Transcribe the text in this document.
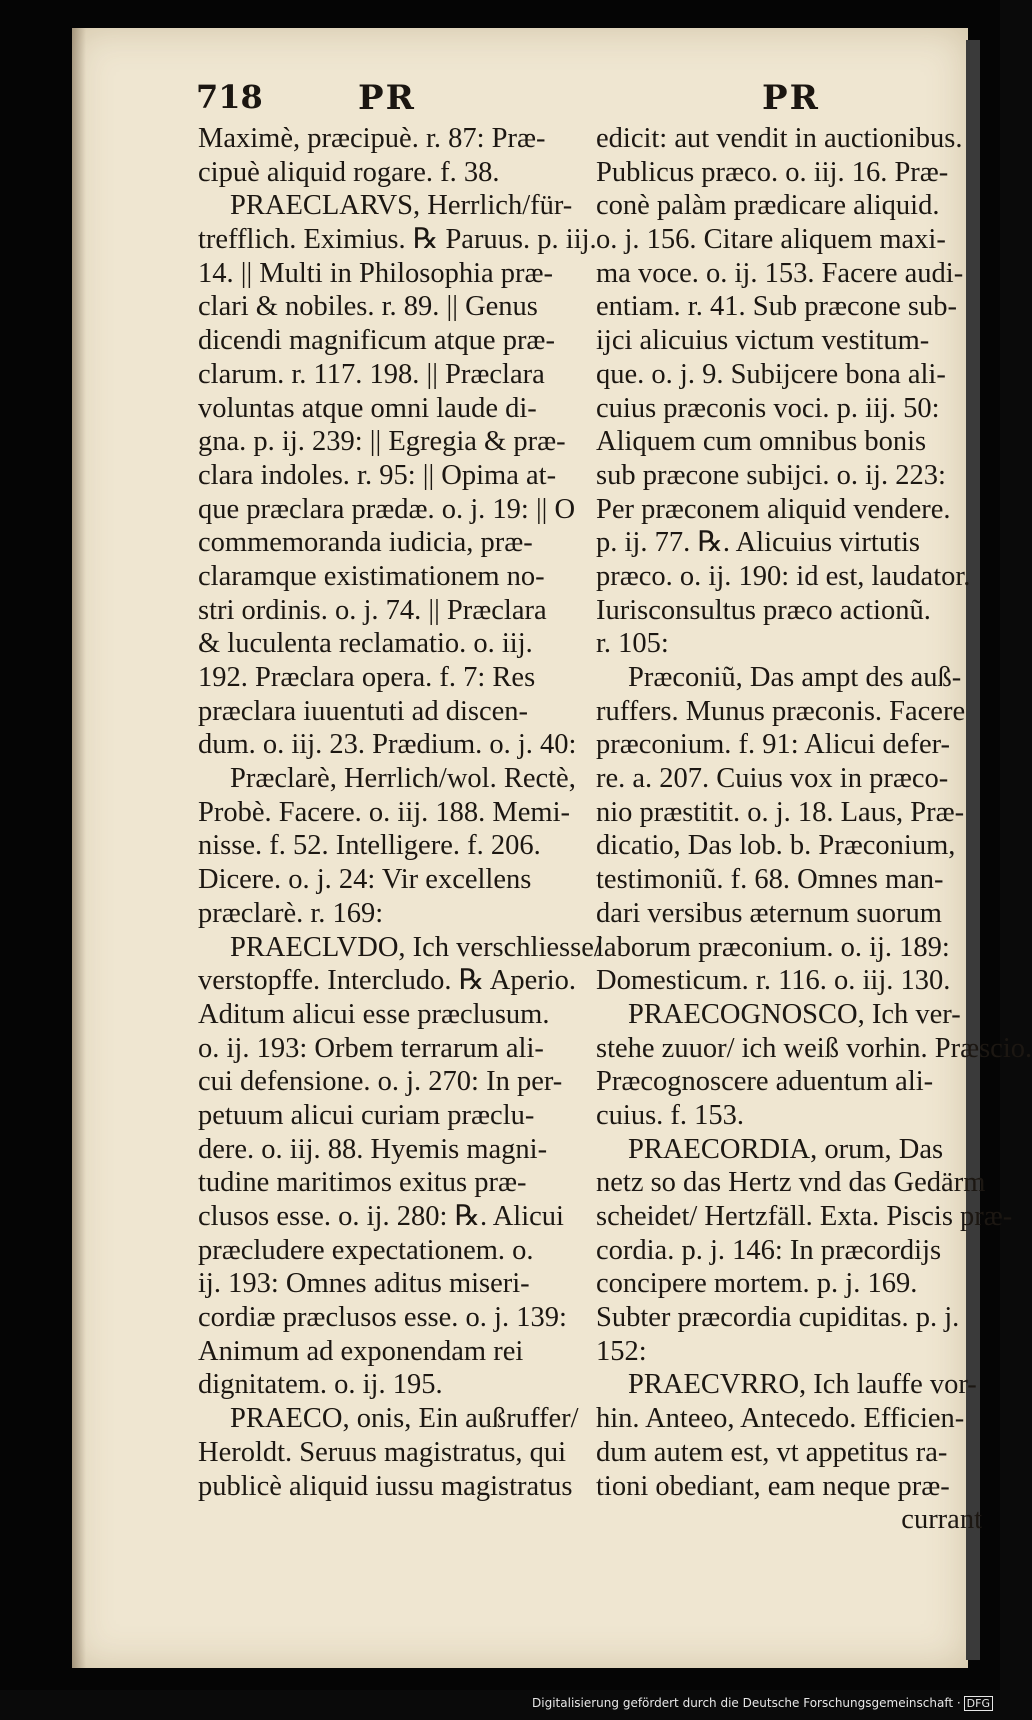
718	PR	PR
Maximè, præcipuè. r. 87: Præ-
cipuè aliquid rogare. f. 38.
PRAECLARVS, Herrlich/für-
trefflich. Eximius. ℞ Paruus. p. iij.
14. || Multi in Philosophia præ-
clari & nobiles. r. 89. || Genus
dicendi magnificum atque præ-
clarum. r. 117. 198. || Præclara
voluntas atque omni laude di-
gna. p. ij. 239: || Egregia & præ-
clara indoles. r. 95: || Opima at-
que præclara prædæ. o. j. 19: || O
commemoranda iudicia, præ-
claramque existimationem no-
stri ordinis. o. j. 74. || Præclara
& luculenta reclamatio. o. iij.
192. Præclara opera. f. 7: Res
præclara iuuentuti ad discen-
dum. o. iij. 23. Prædium. o. j. 40:
Præclarè, Herrlich/wol. Rectè,
Probè. Facere. o. iij. 188. Memi-
nisse. f. 52. Intelligere. f. 206.
Dicere. o. j. 24: Vir excellens
præclarè. r. 169:
PRAECLVDO, Ich verschliesse/
verstopffe. Intercludo. ℞ Aperio.
Aditum alicui esse præclusum.
o. ij. 193: Orbem terrarum ali-
cui defensione. o. j. 270: In per-
petuum alicui curiam præclu-
dere. o. iij. 88. Hyemis magni-
tudine maritimos exitus præ-
clusos esse. o. ij. 280: ℞. Alicui
præcludere expectationem. o.
ij. 193: Omnes aditus miseri-
cordiæ præclusos esse. o. j. 139:
Animum ad exponendam rei
dignitatem. o. ij. 195.
PRAECO, onis, Ein außruffer/
Heroldt. Seruus magistratus, qui
publicè aliquid iussu magistratus
edicit: aut vendit in auctionibus.
Publicus præco. o. iij. 16. Præ-
conè palàm prædicare aliquid.
o. j. 156. Citare aliquem maxi-
ma voce. o. ij. 153. Facere audi-
entiam. r. 41. Sub præcone sub-
ijci alicuius victum vestitum-
que. o. j. 9. Subijcere bona ali-
cuius præconis voci. p. iij. 50:
Aliquem cum omnibus bonis
sub præcone subijci. o. ij. 223:
Per præconem aliquid vendere.
p. ij. 77. ℞. Alicuius virtutis
præco. o. ij. 190: id est, laudator.
Iurisconsultus præco actionũ.
r. 105:
Præconiũ, Das ampt des auß-
ruffers. Munus præconis. Facere
præconium. f. 91: Alicui defer-
re. a. 207. Cuius vox in præco-
nio præstitit. o. j. 18. Laus, Præ-
dicatio, Das lob. b. Præconium,
testimoniũ. f. 68. Omnes man-
dari versibus æternum suorum
laborum præconium. o. ij. 189:
Domesticum. r. 116. o. iij. 130.
PRAECOGNOSCO, Ich ver-
stehe zuuor/ ich weiß vorhin. Præscio.
Præcognoscere aduentum ali-
cuius. f. 153.
PRAECORDIA, orum, Das
netz so das Hertz vnd das Gedärm
scheidet/ Hertzfäll. Exta. Piscis præ-
cordia. p. j. 146: In præcordijs
concipere mortem. p. j. 169.
Subter præcordia cupiditas. p. j.
152:
PRAECVRRO, Ich lauffe vor-
hin. Anteeo, Antecedo. Efficien-
dum autem est, vt appetitus ra-
tioni obediant, eam neque præ-
currant
Digitalisierung gefördert durch die Deutsche Forschungsgemeinschaft · DFG
